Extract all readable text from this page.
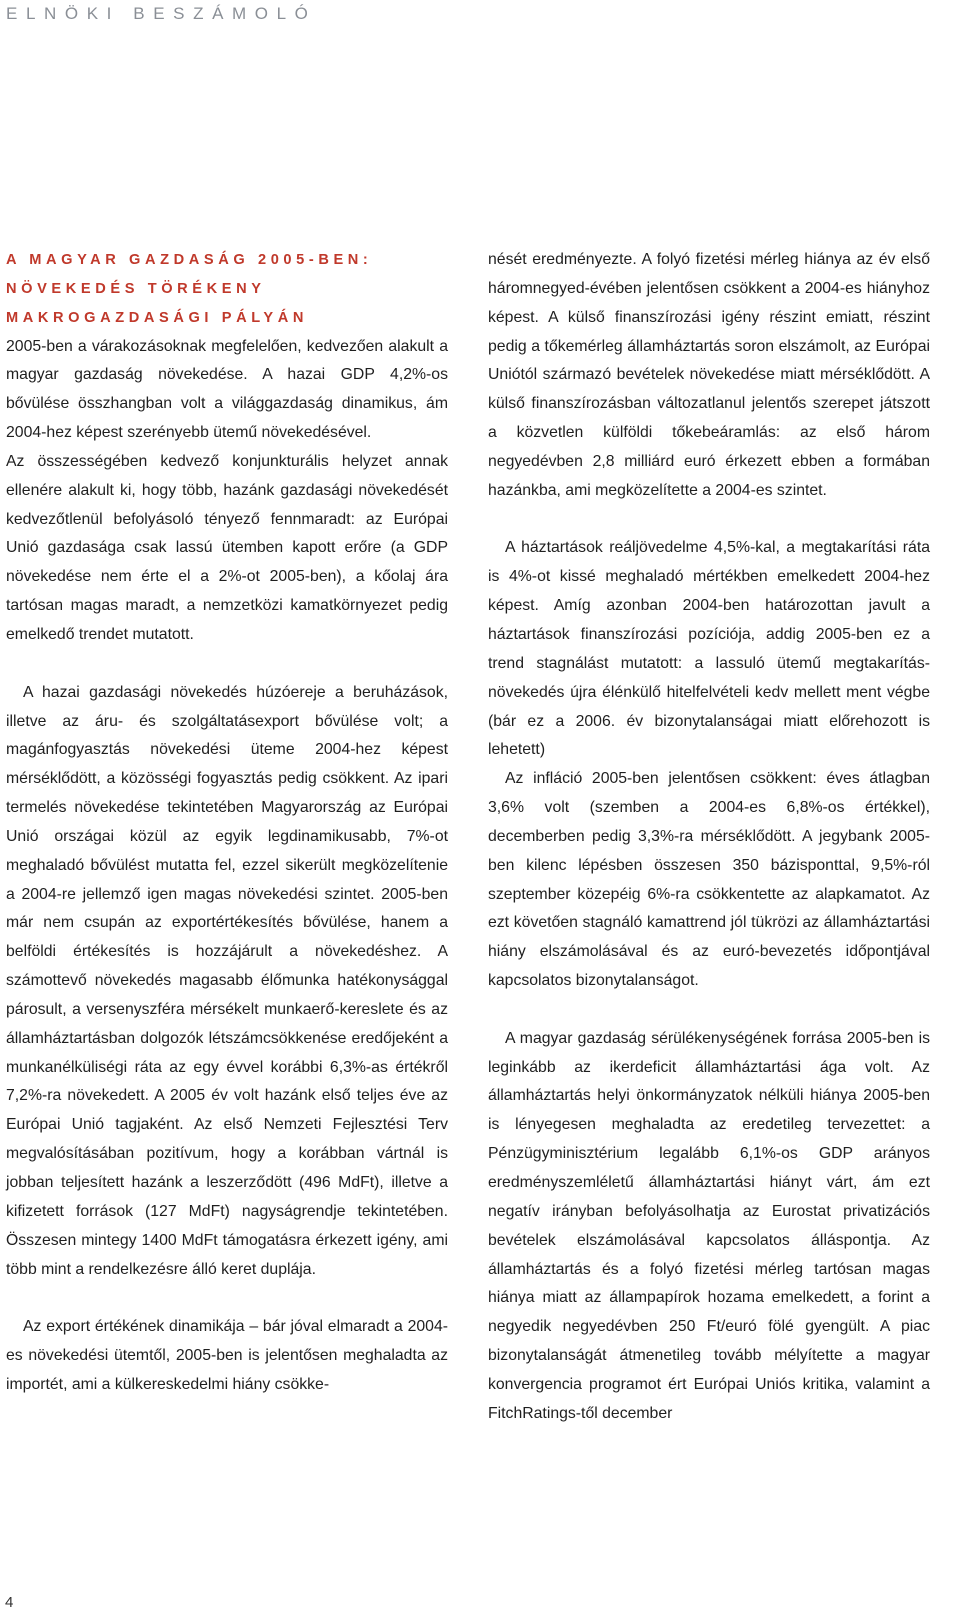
ELNÖKI BESZÁMOLÓ
A MAGYAR GAZDASÁG 2005-BEN:
NÖVEKEDÉS TÖRÉKENY
MAKROGAZDASÁGI PÁLYÁN

2005-ben a várakozásoknak megfelelően, kedvezően alakult a magyar gazdaság növekedése. A hazai GDP 4,2%-os bővülése összhangban volt a világgazdaság dinamikus, ám 2004-hez képest szerényebb ütemű növekedésével.

Az összességében kedvező konjunkturális helyzet annak ellenére alakult ki, hogy több, hazánk gazdasági növekedését kedvezőtlenül befolyásoló tényező fennmaradt: az Európai Unió gazdasága csak lassú ütemben kapott erőre (a GDP növekedése nem érte el a 2%-ot 2005-ben), a kőolaj ára tartósan magas maradt, a nemzetközi kamatkörnyezet pedig emelkedő trendet mutatott.

A hazai gazdasági növekedés húzóereje a beruházások, illetve az áru- és szolgáltatásexport bővülése volt; a magánfogyasztás növekedési üteme 2004-hez képest mérséklődött, a közösségi fogyasztás pedig csökkent. Az ipari termelés növekedése tekintetében Magyarország az Európai Unió országai közül az egyik legdinamikusabb, 7%-ot meghaladó bővülést mutatta fel, ezzel sikerült megközelítenie a 2004-re jellemző igen magas növekedési szintet. 2005-ben már nem csupán az exportértékesítés bővülése, hanem a belföldi értékesítés is hozzájárult a növekedéshez. A számottevő növekedés magasabb élőmunka hatékonysággal párosult, a versenyszféra mérsékelt munkaerő-kereslete és az államháztartásban dolgozók létszámcsökkenése eredőjeként a munkanélküliségi ráta az egy évvel korábbi 6,3%-as értékről 7,2%-ra növekedett. A 2005 év volt hazánk első teljes éve az Európai Unió tagjaként. Az első Nemzeti Fejlesztési Terv megvalósításában pozitívum, hogy a korábban vártnál is jobban teljesített hazánk a leszerződött (496 MdFt), illetve a kifizetett források (127 MdFt) nagyságrendje tekintetében. Összesen mintegy 1400 MdFt támogatásra érkezett igény, ami több mint a rendelkezésre álló keret duplája.

Az export értékének dinamikája – bár jóval elmaradt a 2004-es növekedési ütemtől, 2005-ben is jelentősen meghaladta az importét, ami a külkereskedelmi hiány csökke-

nését eredményezte. A folyó fizetési mérleg hiánya az év első háromnegyed-évében jelentősen csökkent a 2004-es hiányhoz képest. A külső finanszírozási igény részint emiatt, részint pedig a tőkemérleg államháztartás soron elszámolt, az Európai Uniótól származó bevételek növekedése miatt mérséklődött. A külső finanszírozásban változatlanul jelentős szerepet játszott a közvetlen külföldi tőkebeáramlás: az első három negyedévben 2,8 milliárd euró érkezett ebben a formában hazánkba, ami megközelítette a 2004-es szintet.

A háztartások reáljövedelme 4,5%-kal, a megtakarítási ráta is 4%-ot kissé meghaladó mértékben emelkedett 2004-hez képest. Amíg azonban 2004-ben határozottan javult a háztartások finanszírozási pozíciója, addig 2005-ben ez a trend stagnálást mutatott: a lassuló ütemű megtakarítás-növekedés újra élénkülő hitelfelvételi kedv mellett ment végbe (bár ez a 2006. év bizonytalanságai miatt előrehozott is lehetett)

Az infláció 2005-ben jelentősen csökkent: éves átlagban 3,6% volt (szemben a 2004-es 6,8%-os értékkel), decemberben pedig 3,3%-ra mérséklődött. A jegybank 2005-ben kilenc lépésben összesen 350 bázisponttal, 9,5%-ról szeptember közepéig 6%-ra csökkentette az alapkamatot. Az ezt követően stagnáló kamattrend jól tükrözi az államháztartási hiány elszámolásával és az euró-bevezetés időpontjával kapcsolatos bizonytalanságot.

A magyar gazdaság sérülékenységének forrása 2005-ben is leginkább az ikerdeficit államháztartási ága volt. Az államháztartás helyi önkormányzatok nélküli hiánya 2005-ben is lényegesen meghaladta az eredetileg tervezettet: a Pénzügyminisztérium legalább 6,1%-os GDP arányos eredményszemléletű államháztartási hiányt várt, ám ezt negatív irányban befolyásolhatja az Eurostat privatizációs bevételek elszámolásával kapcsolatos álláspontja. Az államháztartás és a folyó fizetési mérleg tartósan magas hiánya miatt az állampapírok hozama emelkedett, a forint a negyedik negyedévben 250 Ft/euró fölé gyengült. A piac bizonytalanságát átmenetileg tovább mélyítette a magyar konvergencia programot ért Európai Uniós kritika, valamint a FitchRatings-től december

4
